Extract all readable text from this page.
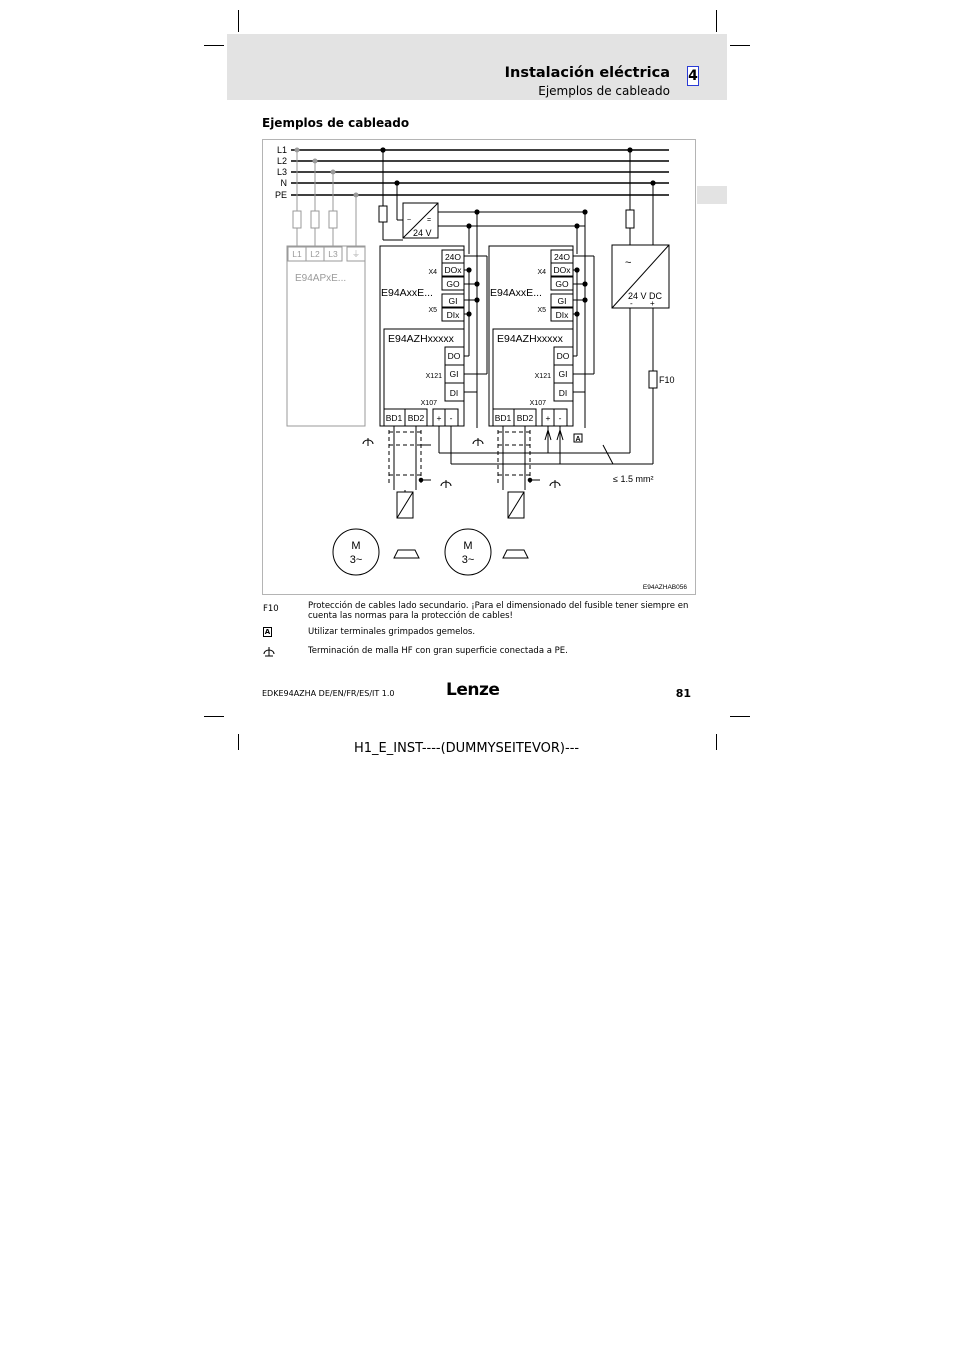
Instalación eléctrica
Ejemplos de cableado
4
Ejemplos de cableado
L1
L2
L3
N
PE
L1 L2 L3 ⏚
E94APxE...
~ =
24 V
24O
DOx
GO
GI
DIx
DO
GI
DI
BD1 BD2 + -
X4
X5
X121
X107
E94AxxE...
E94AZHxxxxx
24O
DOx
GO
GI
DIx
DO
GI
DI
BD1 BD2 + -
X4
X5
X121
X107
E94AxxE...
E94AZHxxxxx
~
24 V DC
- +
F10
A
≤ 1.5 mm²
M
3~
M
3~
E94AZHAB056
F10	Protección de cables lado secundario. ¡Para el dimensionado del fusible tener siempre en cuenta las normas para la protección de cables!
A	Utilizar terminales grimpados gemelos.
Terminación de malla HF con gran superficie conectada a PE.
EDKE94AZHA DE/EN/FR/ES/IT 1.0	Lenze	81
H1_E_INST----(DUMMYSEITEVOR)---
